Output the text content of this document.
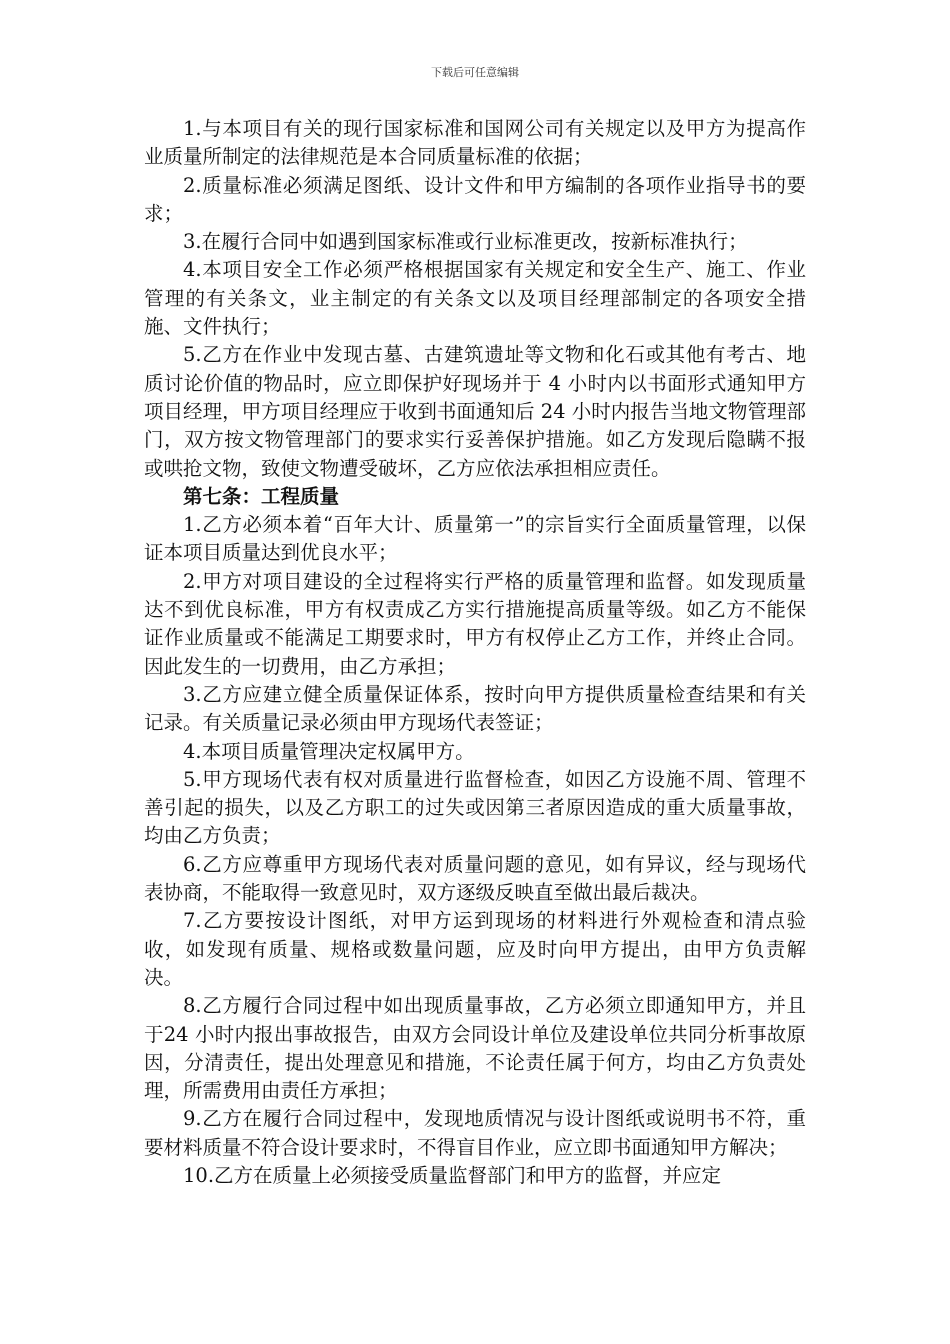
下载后可任意编辑

1.与本项目有关的现行国家标准和国网公司有关规定以及甲方为提高作业质量所制定的法律规范是本合同质量标准的依据；

2.质量标准必须满足图纸、设计文件和甲方编制的各项作业指导书的要求；

3.在履行合同中如遇到国家标准或行业标准更改，按新标准执行；

4.本项目安全工作必须严格根据国家有关规定和安全生产、施工、作业管理的有关条文，业主制定的有关条文以及项目经理部制定的各项安全措施、文件执行；

5.乙方在作业中发现古墓、古建筑遗址等文物和化石或其他有考古、地质讨论价值的物品时，应立即保护好现场并于 4 小时内以书面形式通知甲方项目经理，甲方项目经理应于收到书面通知后 24 小时内报告当地文物管理部门，双方按文物管理部门的要求实行妥善保护措施。如乙方发现后隐瞒不报或哄抢文物，致使文物遭受破坏，乙方应依法承担相应责任。

第七条：工程质量

1.乙方必须本着“百年大计、质量第一”的宗旨实行全面质量管理，以保证本项目质量达到优良水平；

2.甲方对项目建设的全过程将实行严格的质量管理和监督。如发现质量达不到优良标准，甲方有权责成乙方实行措施提高质量等级。如乙方不能保证作业质量或不能满足工期要求时，甲方有权停止乙方工作，并终止合同。因此发生的一切费用，由乙方承担；

3.乙方应建立健全质量保证体系，按时向甲方提供质量检查结果和有关记录。有关质量记录必须由甲方现场代表签证；

4.本项目质量管理决定权属甲方。

5.甲方现场代表有权对质量进行监督检查，如因乙方设施不周、管理不善引起的损失，以及乙方职工的过失或因第三者原因造成的重大质量事故，均由乙方负责；

6.乙方应尊重甲方现场代表对质量问题的意见，如有异议，经与现场代表协商，不能取得一致意见时，双方逐级反映直至做出最后裁决。

7.乙方要按设计图纸，对甲方运到现场的材料进行外观检查和清点验收，如发现有质量、规格或数量问题，应及时向甲方提出，由甲方负责解决。

8.乙方履行合同过程中如出现质量事故，乙方必须立即通知甲方，并且于24 小时内报出事故报告，由双方会同设计单位及建设单位共同分析事故原因，分清责任，提出处理意见和措施，不论责任属于何方，均由乙方负责处理，所需费用由责任方承担；

9.乙方在履行合同过程中，发现地质情况与设计图纸或说明书不符，重要材料质量不符合设计要求时，不得盲目作业，应立即书面通知甲方解决；

10.乙方在质量上必须接受质量监督部门和甲方的监督，并应定
